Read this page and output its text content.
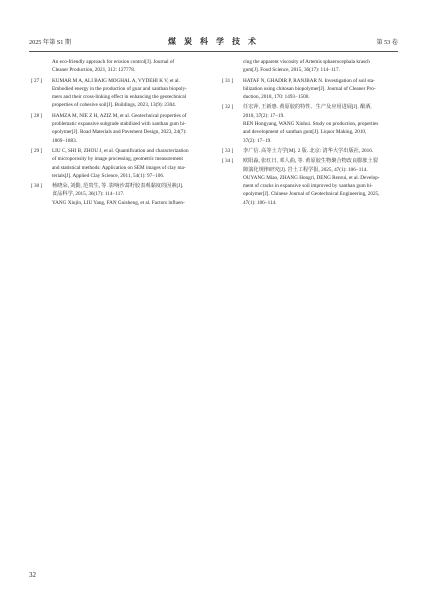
2025 年第 S1 期	煤 炭 科 学 技 术	第 53 卷
An eco-friendly approach for erosion control[J]. Journal of
Cleaner Production, 2021, 312: 127778.
[ 27 ] KUMAR M A, ALI BAIG MOGHAL A, VYDEHI K V, et al.
Embodied energy in the production of guar and xanthan biopoly-
mers and their cross-linking effect in enhancing the geotechnical
properties of cohesive soil[J]. Buildings, 2023, 13(9): 2304.
[ 28 ] HAMZA M, NIE Z H, AZIZ M, et al. Geotechnical properties of
problematic expansive subgrade stabilized with xanthan gum bi-
opolymer[J]. Road Materials and Pavement Design, 2023, 24(7):
1869−1883.
[ 29 ] LIU C, SHI B, ZHOU J, et al. Quantification and characterization
of microporosity by image processing, geometric measurement
and statistical methods: Application on SEM images of clay ma-
terials[J]. Applied Clay Science, 2011, 54(1): 97−106.
[ 30 ] 杨晓朵, 刘勤, 范贵生, 等. 影响沙蒿籽胶表观黏度的因素[J].
食品科学, 2015, 36(17): 114−117.
YANG Xiujin, LIU Yang, FAN Guisheng, et al. Factors influen-
cing the apparent viscosity of Artemis sphaerocephala krasch
gum[J]. Food Science, 2015, 36(17): 114−117.
[ 31 ] HATAF N, GHADIR P, RANJBAR N. Investigation of soil sta-
bilization using chitosan biopolymer[J]. Journal of Cleaner Pro-
duction, 2018, 170: 1493−1500.
[ 32 ] 任宏萍, 王新惠. 黄原胶的特性、生产及应用进展[J]. 酿酒,
2010, 37(2): 17−19.
REN Hongyang, WANG Xinhui. Study on production, properties
and development of xanthan gum[J]. Liquor Making, 2010,
37(2): 17−19.
[ 33 ] 李广信. 高等土力学[M]. 2 版. 北京: 清华大学出版社, 2016.
[ 34 ] 欧阳淼, 张红日, 邓人曲, 等. 黄原胶生物聚合物改良膨胀土裂
隙演化规律研究[J]. 岩土工程学报, 2025, 47(1): 106−114.
OUYANG Miao, ZHANG Hongri, DENG Renrui, et al. Develop-
ment of cracks in expansive soil improved by xanthan gum bi-
opolymer[J]. Chinese Journal of Geotechnical Engineering, 2025,
47(1): 106−114.
32
